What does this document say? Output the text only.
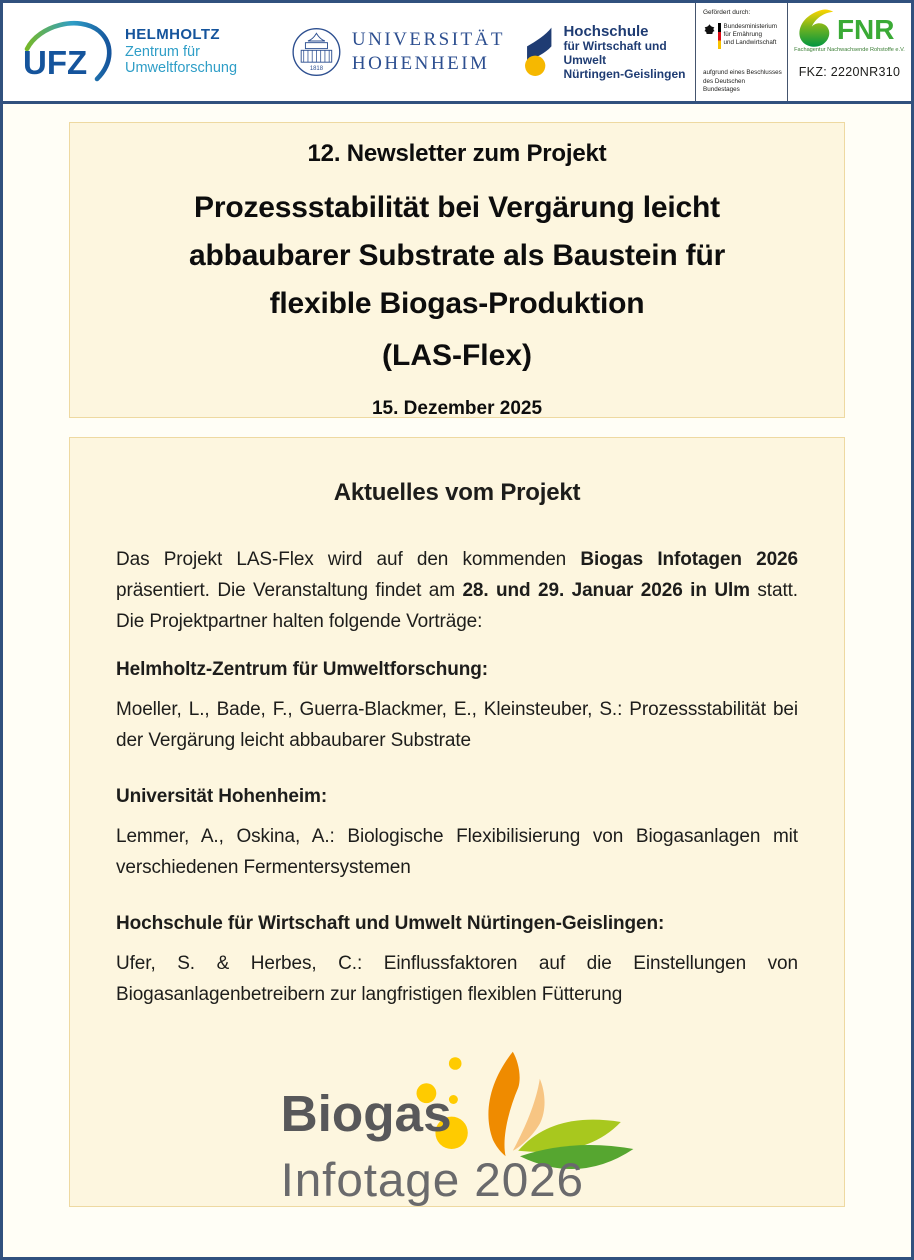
UFZ
HELMHOLTZ
Zentrum für Umweltforschung	1818
UNIVERSITÄT
HOHENHEIM
Hochschule
für Wirtschaft und Umwelt
Nürtingen-Geislingen
Gefördert durch:
Bundesministerium
für Ernährung
und Landwirtschaft
aufgrund eines Beschlusses
des Deutschen Bundestages
FNR
Fachagentur Nachwachsende Rohstoffe e.V.
FKZ: 2220NR310
12. Newsletter zum Projekt
Prozessstabilität bei Vergärung leicht
abbaubarer Substrate als Baustein für
flexible Biogas-Produktion
(LAS-Flex)
15. Dezember 2025
Aktuelles vom Projekt

Das Projekt LAS-Flex wird auf den kommenden Biogas Infotagen 2026 präsentiert. Die Veranstaltung findet am 28. und 29. Januar 2026 in Ulm statt. Die Projektpartner halten folgende Vorträge:

Helmholtz-Zentrum für Umweltforschung:

Moeller, L., Bade, F., Guerra-Blackmer, E., Kleinsteuber, S.: Prozessstabilität bei der Vergärung leicht abbaubarer Substrate

Universität Hohenheim:

Lemmer, A., Oskina, A.: Biologische Flexibilisierung von Biogasanlagen mit verschiedenen Fermentersystemen

Hochschule für Wirtschaft und Umwelt Nürtingen-Geislingen:

Ufer, S. & Herbes, C.: Einflussfaktoren auf die Einstellungen von Biogasanlagenbetreibern zur langfristigen flexiblen Fütterung

Biogas
Infotage 2026
